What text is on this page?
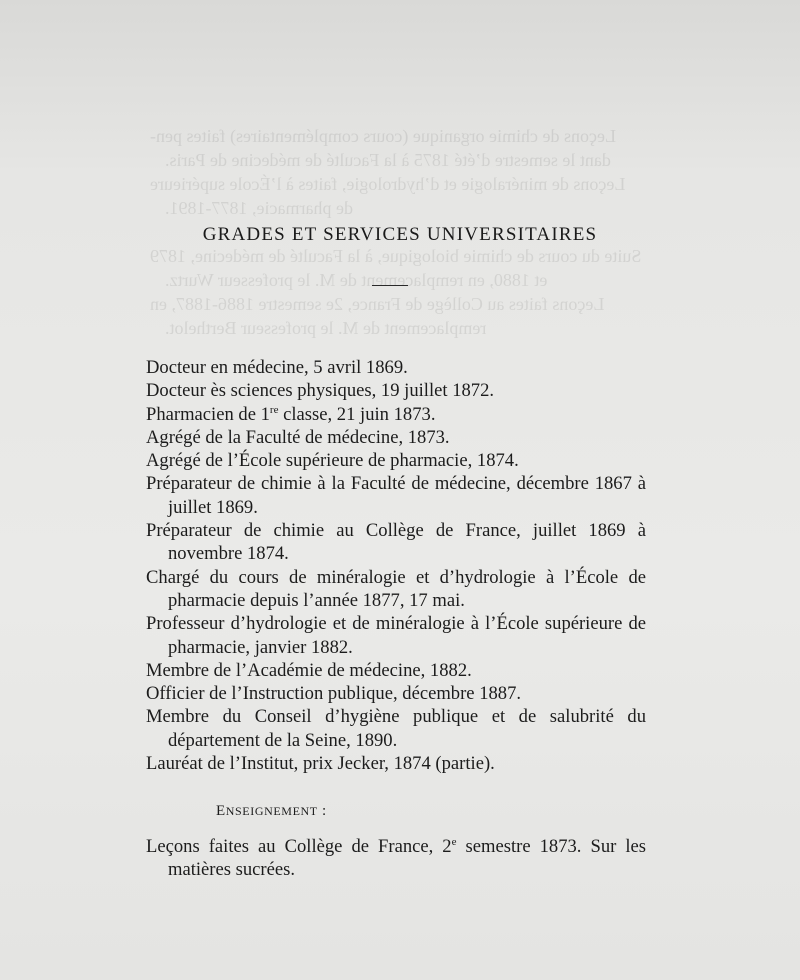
Leçons de chimie organique (cours complémentaires) faites pen-
dant le semestre d’été 1875 à la Faculté de médecine de Paris.
Leçons de minéralogie et d’hydrologie, faites à l’École supérieure
de pharmacie, 1877-1891.
Suite du cours de chimie biologique, à la Faculté de médecine, 1879
et 1880, en remplacement de M. le professeur Wurtz.
Leçons faites au Collège de France, 2e semestre 1886-1887, en
remplacement de M. le professeur Berthelot.
GRADES ET SERVICES UNIVERSITAIRES
Docteur en médecine, 5 avril 1869.
Docteur ès sciences physiques, 19 juillet 1872.
Pharmacien de 1re classe, 21 juin 1873.
Agrégé de la Faculté de médecine, 1873.
Agrégé de l’École supérieure de pharmacie, 1874.
Préparateur de chimie à la Faculté de médecine, décembre 1867 à juillet 1869.
Préparateur de chimie au Collège de France, juillet 1869 à novembre 1874.
Chargé du cours de minéralogie et d’hydrologie à l’École de pharmacie depuis l’année 1877, 17 mai.
Professeur d’hydrologie et de minéralogie à l’École supérieure de pharmacie, janvier 1882.
Membre de l’Académie de médecine, 1882.
Officier de l’Instruction publique, décembre 1887.
Membre du Conseil d’hygiène publique et de salubrité du département de la Seine, 1890.
Lauréat de l’Institut, prix Jecker, 1874 (partie).
ENSEIGNEMENT :
Leçons faites au Collège de France, 2e semestre 1873. Sur les matières sucrées.
